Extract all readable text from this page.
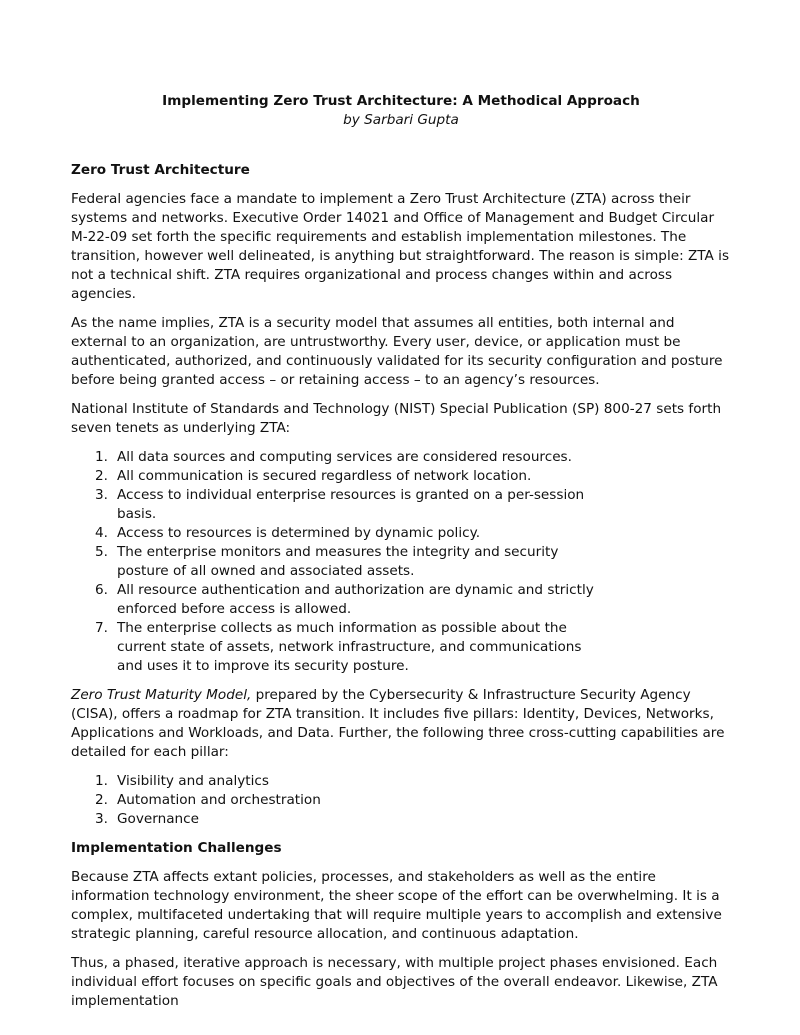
Implementing Zero Trust Architecture: A Methodical Approach

by Sarbari Gupta

Zero Trust Architecture

Federal agencies face a mandate to implement a Zero Trust Architecture (ZTA) across their systems and networks. Executive Order 14021 and Office of Management and Budget Circular M-22-09 set forth the specific requirements and establish implementation milestones. The transition, however well delineated, is anything but straightforward. The reason is simple: ZTA is not a technical shift. ZTA requires organizational and process changes within and across agencies.

As the name implies, ZTA is a security model that assumes all entities, both internal and external to an organization, are untrustworthy. Every user, device, or application must be authenticated, authorized, and continuously validated for its security configuration and posture before being granted access – or retaining access – to an agency’s resources.

National Institute of Standards and Technology (NIST) Special Publication (SP) 800-27 sets forth seven tenets as underlying ZTA:

1. All data sources and computing services are considered resources.
2. All communication is secured regardless of network location.
3. Access to individual enterprise resources is granted on a per-session basis.
4. Access to resources is determined by dynamic policy.
5. The enterprise monitors and measures the integrity and security posture of all owned and associated assets.
6. All resource authentication and authorization are dynamic and strictly enforced before access is allowed.
7. The enterprise collects as much information as possible about the current state of assets, network infrastructure, and communications and uses it to improve its security posture.

Zero Trust Maturity Model, prepared by the Cybersecurity & Infrastructure Security Agency (CISA), offers a roadmap for ZTA transition. It includes five pillars: Identity, Devices, Networks, Applications and Workloads, and Data. Further, the following three cross-cutting capabilities are detailed for each pillar:

1. Visibility and analytics
2. Automation and orchestration
3. Governance

Implementation Challenges

Because ZTA affects extant policies, processes, and stakeholders as well as the entire information technology environment, the sheer scope of the effort can be overwhelming. It is a complex, multifaceted undertaking that will require multiple years to accomplish and extensive strategic planning, careful resource allocation, and continuous adaptation.

Thus, a phased, iterative approach is necessary, with multiple project phases envisioned. Each individual effort focuses on specific goals and objectives of the overall endeavor. Likewise, ZTA implementation
